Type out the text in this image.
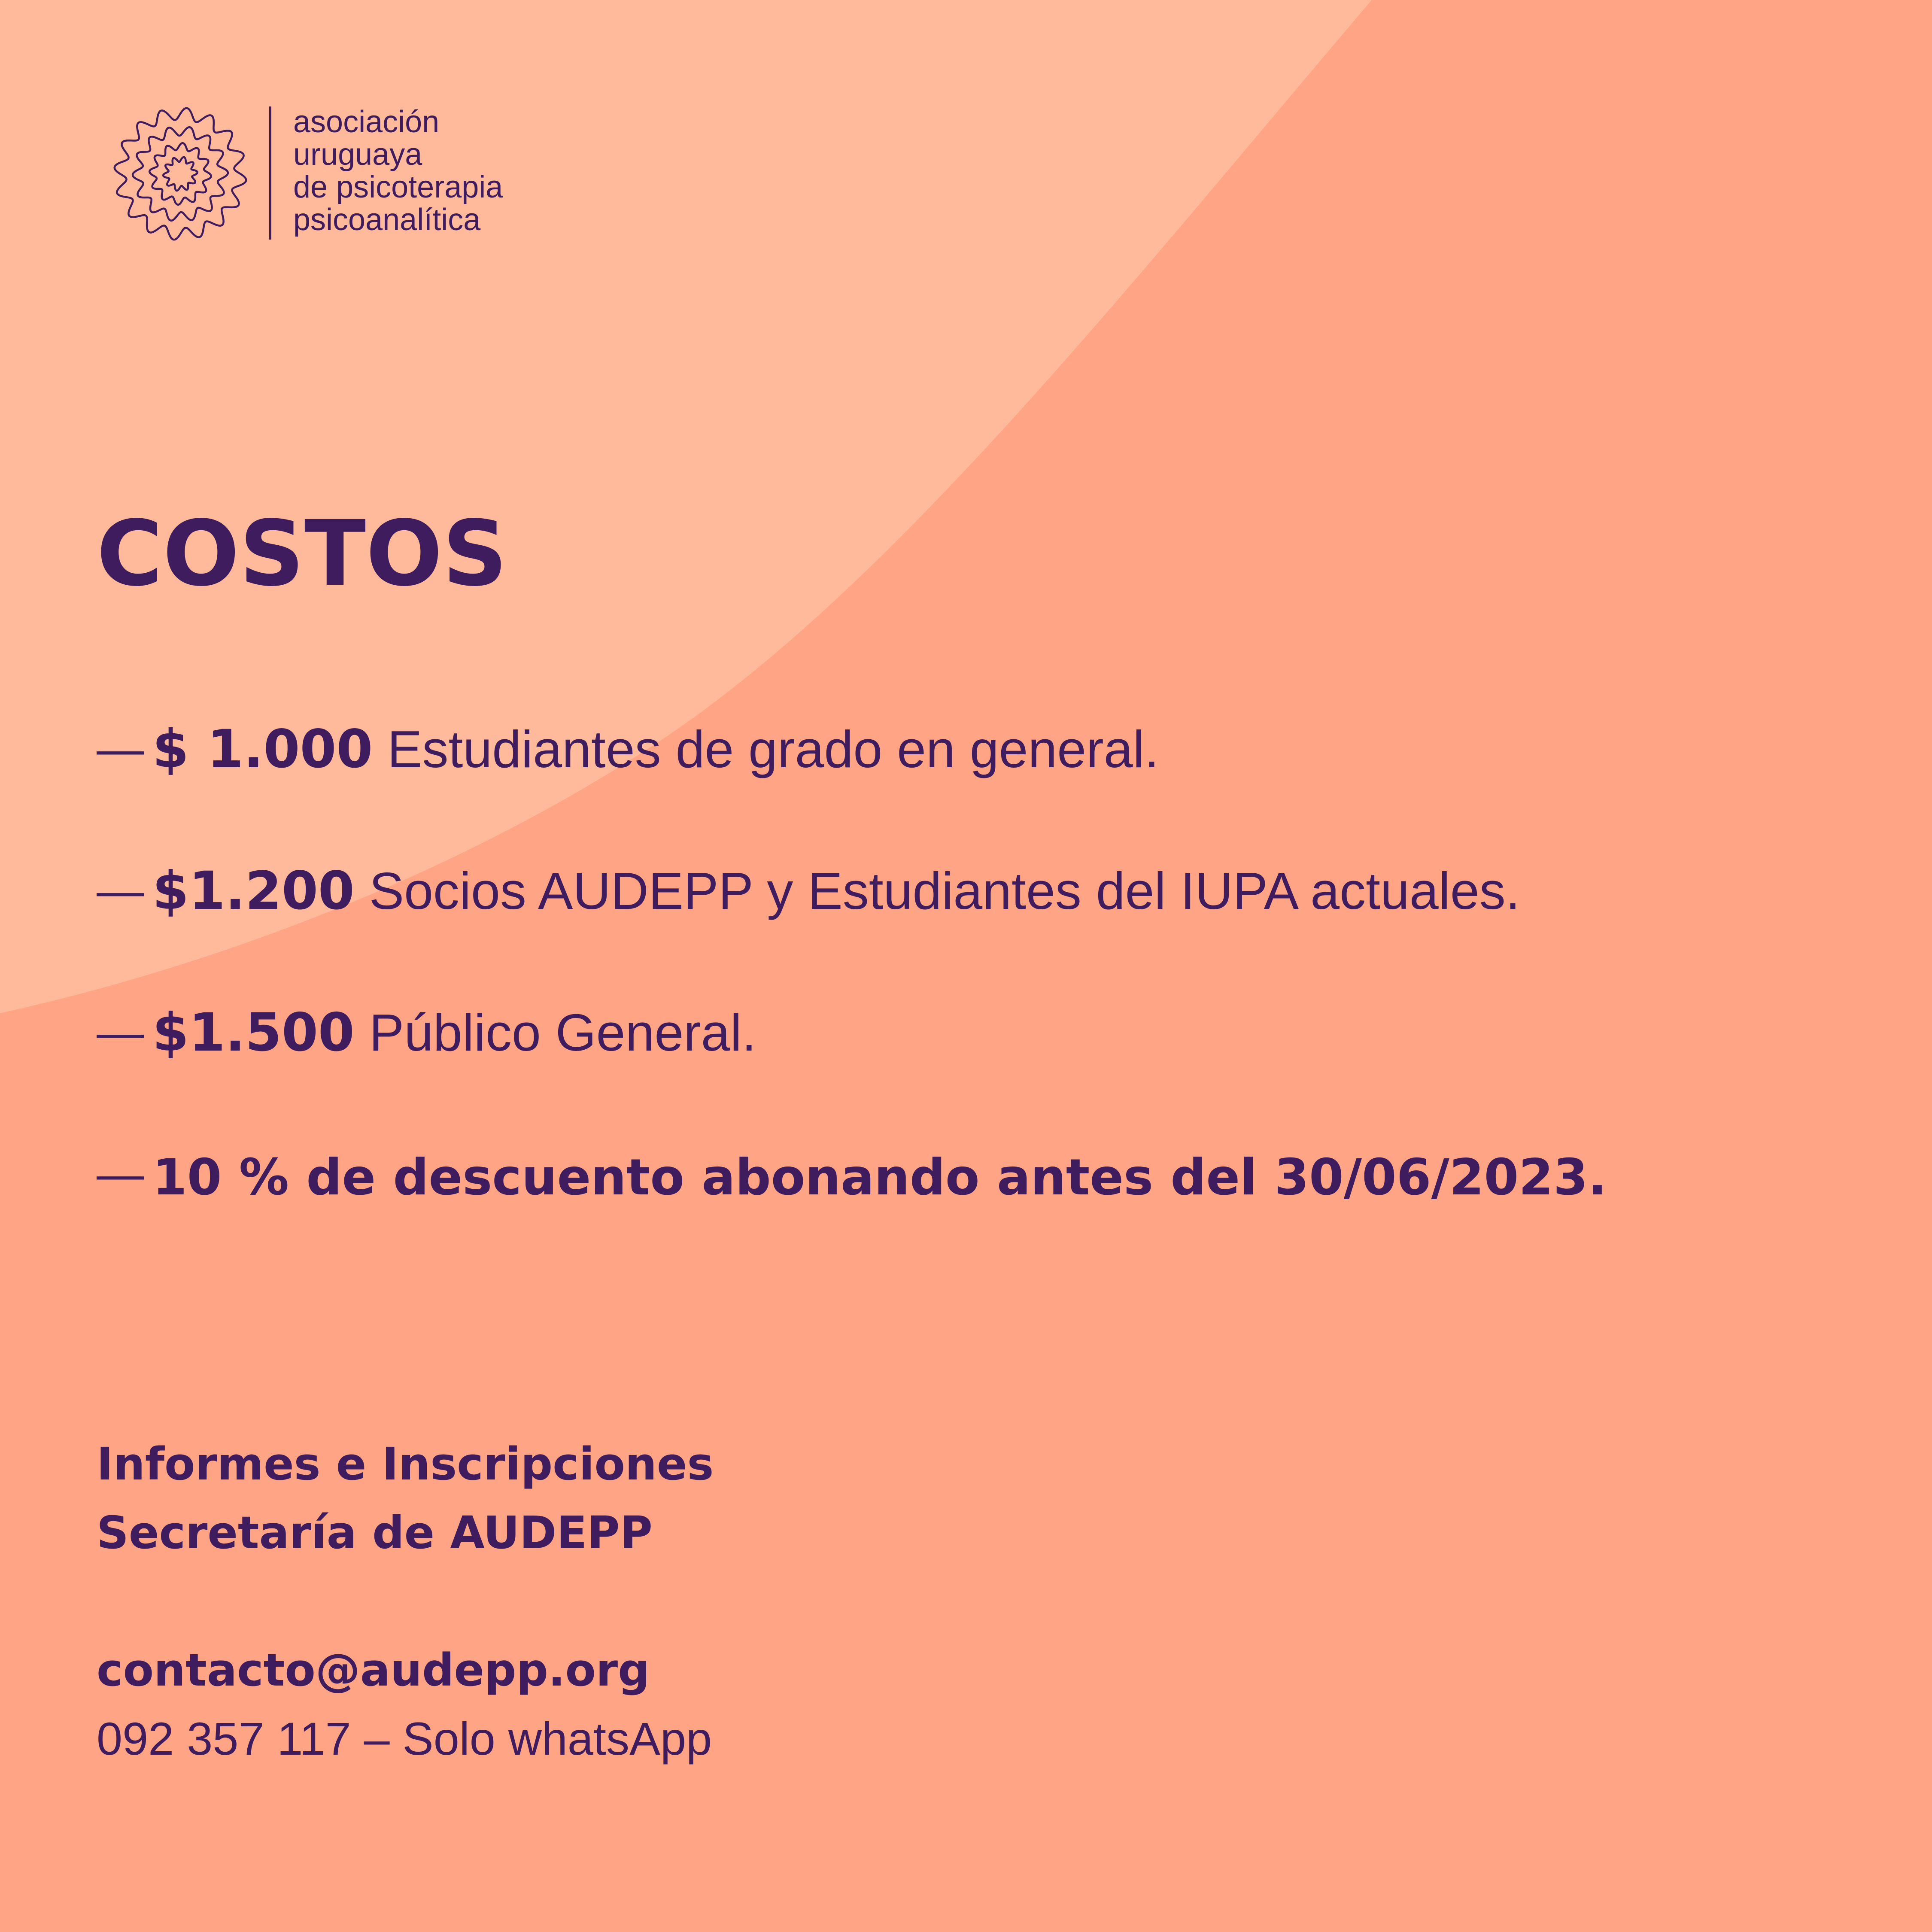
asociación
uruguaya
de psicoterapia
psicoanalítica
COSTOS
— $ 1.000 Estudiantes de grado en general.
— $1.200 Socios AUDEPP y Estudiantes del IUPA actuales.
— $1.500 Público General.
— 10 % de descuento abonando antes del 30/06/2023.
Informes e Inscripciones
Secretaría de AUDEPP
contacto@audepp.org
092 357 117 – Solo whatsApp
